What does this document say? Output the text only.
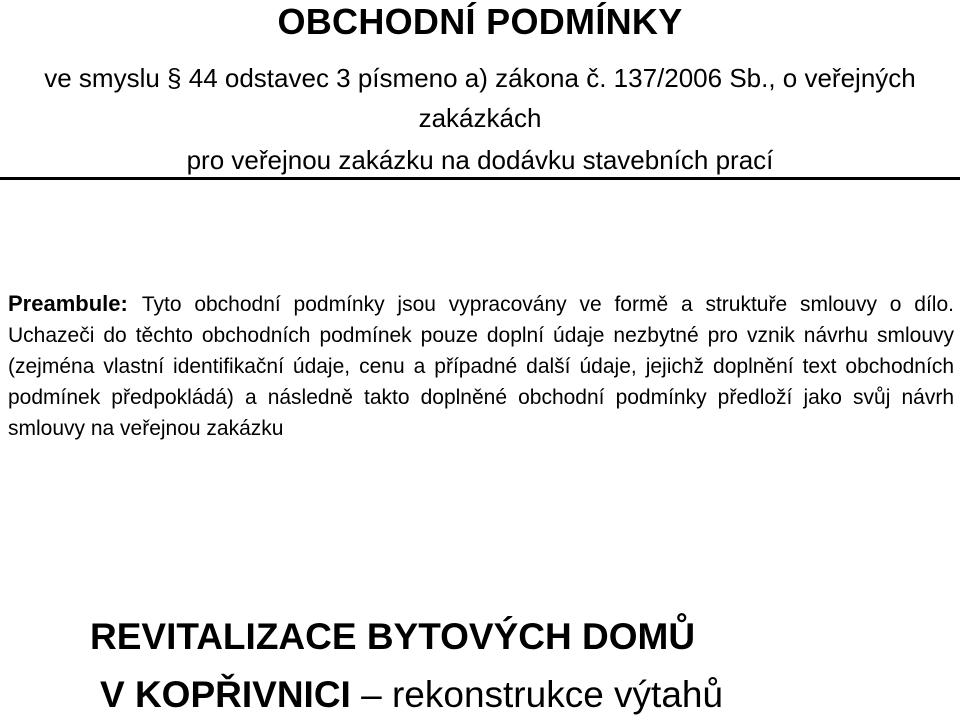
OBCHODNÍ PODMÍNKY
ve smyslu § 44 odstavec 3 písmeno a) zákona č. 137/2006 Sb., o veřejných zakázkách
pro veřejnou zakázku na dodávku stavebních prací
Preambule: Tyto obchodní podmínky jsou vypracovány ve formě a struktuře smlouvy o dílo. Uchazeči do těchto obchodních podmínek pouze doplní údaje nezbytné pro vznik návrhu smlouvy (zejména vlastní identifikační údaje, cenu a případné další údaje, jejichž doplnění text obchodních podmínek předpokládá) a následně takto doplněné obchodní podmínky předloží jako svůj návrh smlouvy na veřejnou zakázku
REVITALIZACE BYTOVÝCH DOMŮ
V KOPŘIVNICI – rekonstrukce výtahů
